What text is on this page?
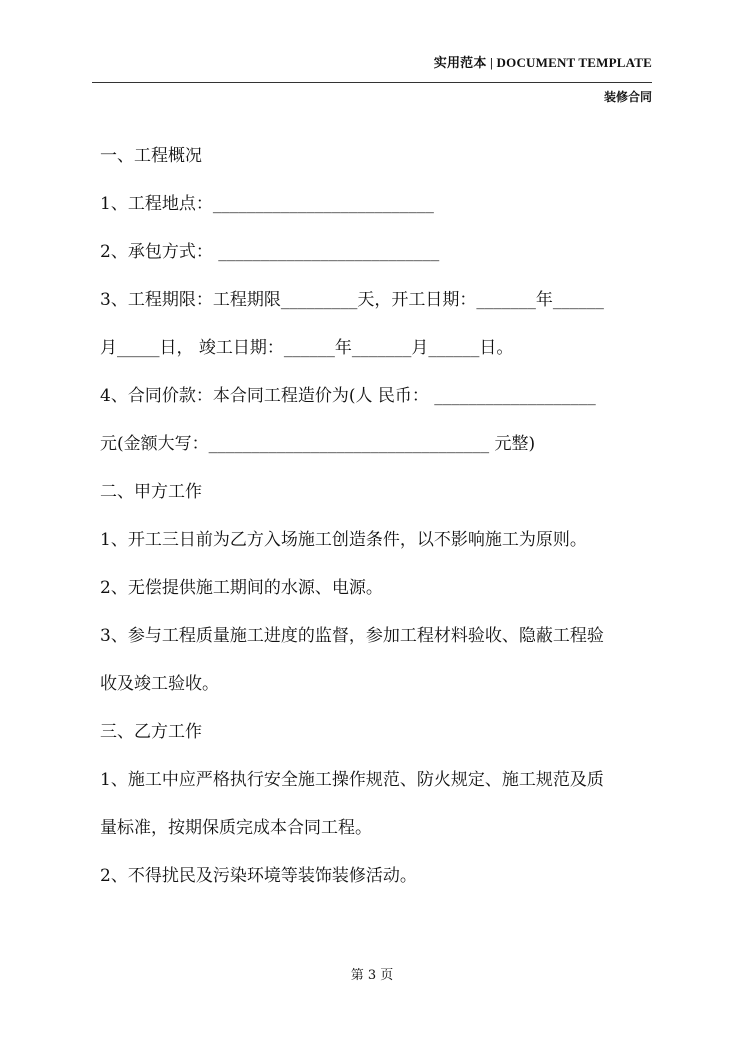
实用范本 | DOCUMENT TEMPLATE
装修合同
一、工程概况
1、工程地点：__________________________
2、承包方式： __________________________
3、工程期限：工程期限_________天，开工日期：_______年______
月_____日， 竣工日期：______年_______月______日。
4、合同价款：本合同工程造价为(人 民币： ___________________
元(金额大写：_________________________________ 元整)
二、甲方工作
1、开工三日前为乙方入场施工创造条件，以不影响施工为原则。
2、无偿提供施工期间的水源、电源。
3、参与工程质量施工进度的监督，参加工程材料验收、隐蔽工程验
收及竣工验收。
三、乙方工作
1、施工中应严格执行安全施工操作规范、防火规定、施工规范及质
量标准，按期保质完成本合同工程。
2、不得扰民及污染环境等装饰装修活动。
第 3 页
